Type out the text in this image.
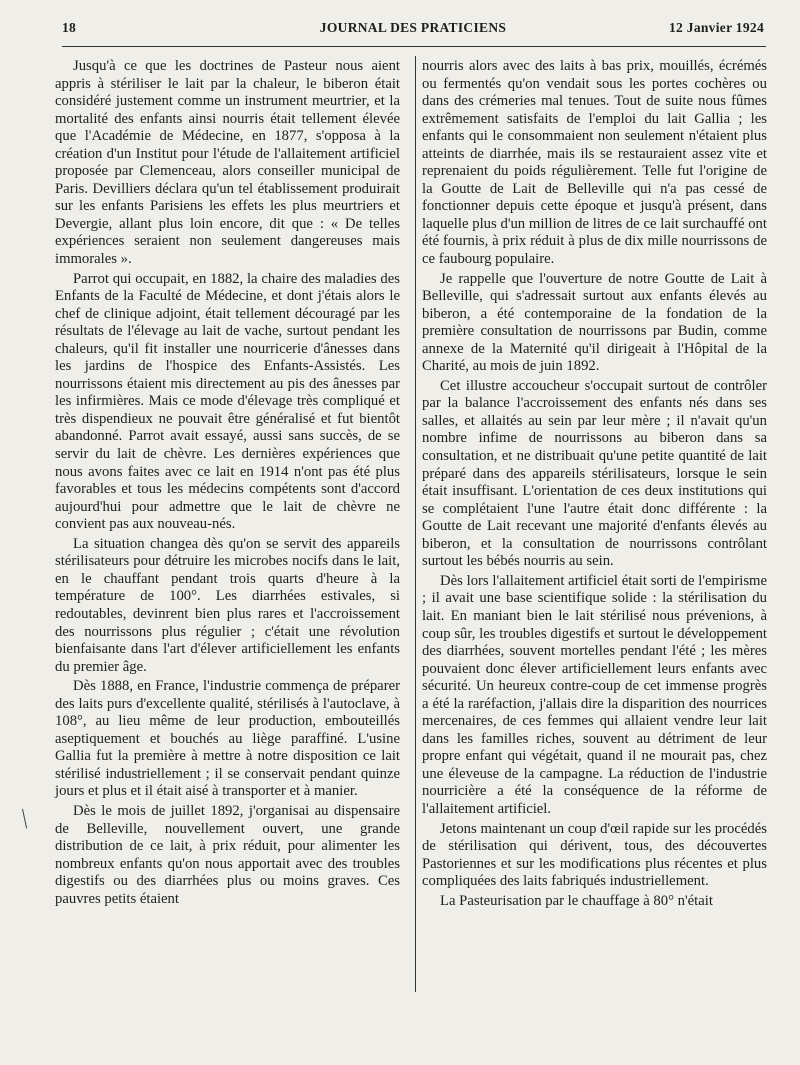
18	JOURNAL DES PRATICIENS	12 Janvier 1924

Jusqu'à ce que les doctrines de Pasteur nous aient appris à stériliser le lait par la chaleur, le biberon était considéré justement comme un instrument meurtrier, et la mortalité des enfants ainsi nourris était tellement élevée que l'Académie de Médecine, en 1877, s'opposa à la création d'un Institut pour l'étude de l'allaitement artificiel proposée par Clemenceau, alors conseiller municipal de Paris. Devilliers déclara qu'un tel établissement produirait sur les enfants Parisiens les effets les plus meurtriers et Devergie, allant plus loin encore, dit que : « De telles expériences seraient non seulement dangereuses mais immorales ».

Parrot qui occupait, en 1882, la chaire des maladies des Enfants de la Faculté de Médecine, et dont j'étais alors le chef de clinique adjoint, était tellement découragé par les résultats de l'élevage au lait de vache, surtout pendant les chaleurs, qu'il fit installer une nourricerie d'ânesses dans les jardins de l'hospice des Enfants-Assistés. Les nourrissons étaient mis directement au pis des ânesses par les infirmières. Mais ce mode d'élevage très compliqué et très dispendieux ne pouvait être généralisé et fut bientôt abandonné. Parrot avait essayé, aussi sans succès, de se servir du lait de chèvre. Les dernières expériences que nous avons faites avec ce lait en 1914 n'ont pas été plus favorables et tous les médecins compétents sont d'accord aujourd'hui pour admettre que le lait de chèvre ne convient pas aux nouveau-nés.

La situation changea dès qu'on se servit des appareils stérilisateurs pour détruire les microbes nocifs dans le lait, en le chauffant pendant trois quarts d'heure à la température de 100°. Les diarrhées estivales, si redoutables, devinrent bien plus rares et l'accroissement des nourrissons plus régulier ; c'était une révolution bienfaisante dans l'art d'élever artificiellement les enfants du premier âge.

Dès 1888, en France, l'industrie commença de préparer des laits purs d'excellente qualité, stérilisés à l'autoclave, à 108°, au lieu même de leur production, embouteillés aseptiquement et bouchés au liège paraffiné. L'usine Gallia fut la première à mettre à notre disposition ce lait stérilisé industriellement ; il se conservait pendant quinze jours et plus et il était aisé à transporter et à manier.

Dès le mois de juillet 1892, j'organisai au dispensaire de Belleville, nouvellement ouvert, une grande distribution de ce lait, à prix réduit, pour alimenter les nombreux enfants qu'on nous apportait avec des troubles digestifs ou des diarrhées plus ou moins graves. Ces pauvres petits étaient

nourris alors avec des laits à bas prix, mouillés, écrémés ou fermentés qu'on vendait sous les portes cochères ou dans des crémeries mal tenues. Tout de suite nous fûmes extrêmement satisfaits de l'emploi du lait Gallia ; les enfants qui le consommaient non seulement n'étaient plus atteints de diarrhée, mais ils se restauraient assez vite et reprenaient du poids régulièrement. Telle fut l'origine de la Goutte de Lait de Belleville qui n'a pas cessé de fonctionner depuis cette époque et jusqu'à présent, dans laquelle plus d'un million de litres de ce lait surchauffé ont été fournis, à prix réduit à plus de dix mille nourrissons de ce faubourg populaire.

Je rappelle que l'ouverture de notre Goutte de Lait à Belleville, qui s'adressait surtout aux enfants élevés au biberon, a été contemporaine de la fondation de la première consultation de nourrissons par Budin, comme annexe de la Maternité qu'il dirigeait à l'Hôpital de la Charité, au mois de juin 1892.

Cet illustre accoucheur s'occupait surtout de contrôler par la balance l'accroissement des enfants nés dans ses salles, et allaités au sein par leur mère ; il n'avait qu'un nombre infime de nourrissons au biberon dans sa consultation, et ne distribuait qu'une petite quantité de lait préparé dans des appareils stérilisateurs, lorsque le sein était insuffisant. L'orientation de ces deux institutions qui se complétaient l'une l'autre était donc différente : la Goutte de Lait recevant une majorité d'enfants élevés au biberon, et la consultation de nourrissons contrôlant surtout les bébés nourris au sein.

Dès lors l'allaitement artificiel était sorti de l'empirisme ; il avait une base scientifique solide : la stérilisation du lait. En maniant bien le lait stérilisé nous prévenions, à coup sûr, les troubles digestifs et surtout le développement des diarrhées, souvent mortelles pendant l'été ; les mères pouvaient donc élever artificiellement leurs enfants avec sécurité. Un heureux contre-coup de cet immense progrès a été la raréfaction, j'allais dire la disparition des nourrices mercenaires, de ces femmes qui allaient vendre leur lait dans les familles riches, souvent au détriment de leur propre enfant qui végétait, quand il ne mourait pas, chez une éleveuse de la campagne. La réduction de l'industrie nourricière a été la conséquence de la réforme de l'allaitement artificiel.

Jetons maintenant un coup d'œil rapide sur les procédés de stérilisation qui dérivent, tous, des découvertes Pastoriennes et sur les modifications plus récentes et plus compliquées des laits fabriqués industriellement.

La Pasteurisation par le chauffage à 80° n'était
